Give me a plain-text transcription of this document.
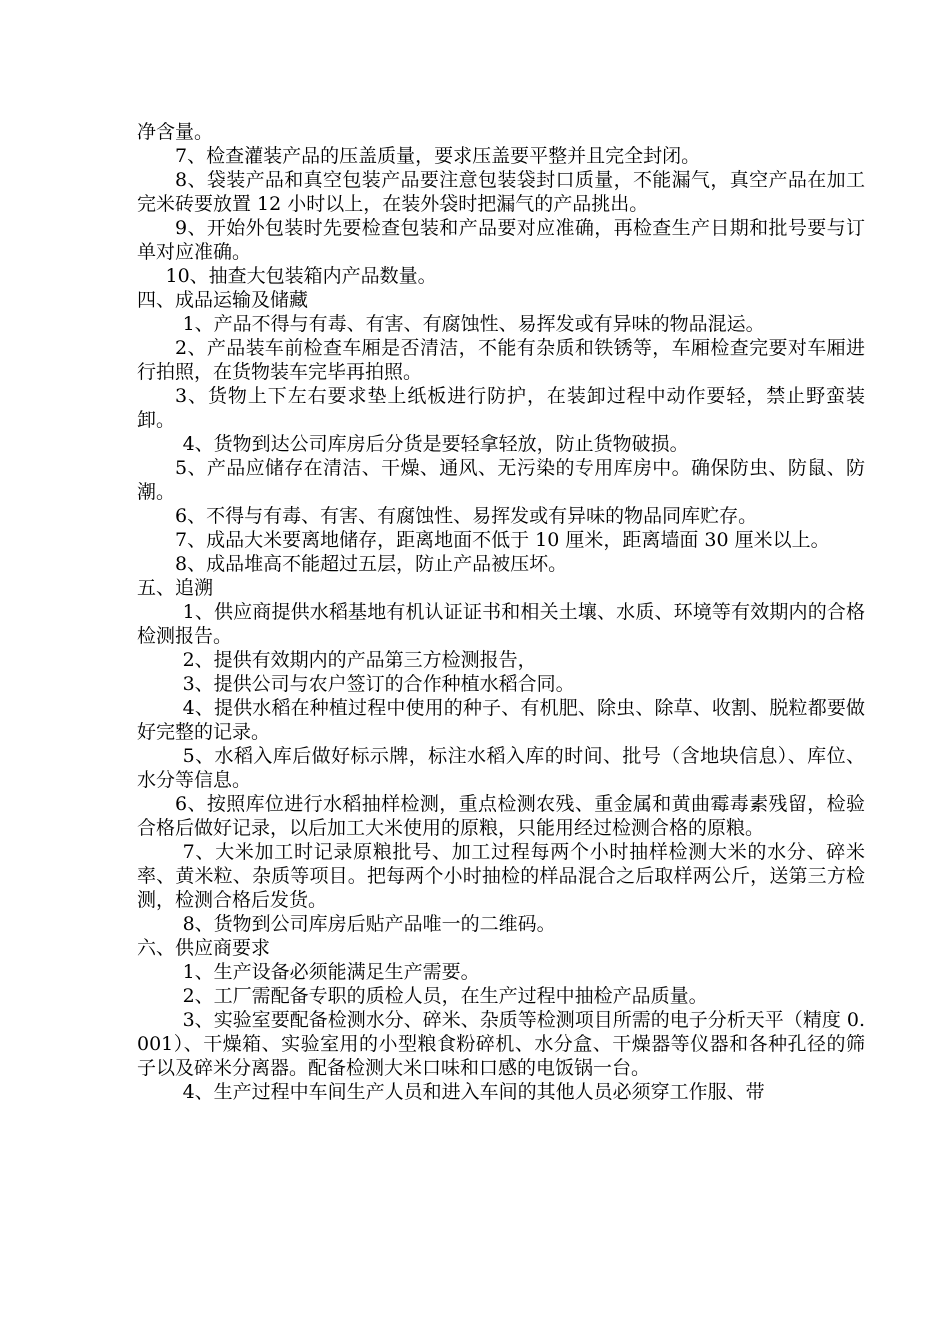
净含量。

7、检查灌装产品的压盖质量，要求压盖要平整并且完全封闭。

8、袋装产品和真空包装产品要注意包装袋封口质量，不能漏气，真空产品在加工完米砖要放置 12 小时以上，在装外袋时把漏气的产品挑出。

9、开始外包装时先要检查包装和产品要对应准确，再检查生产日期和批号要与订单对应准确。

10、抽查大包装箱内产品数量。

四、成品运输及储藏

1、产品不得与有毒、有害、有腐蚀性、易挥发或有异味的物品混运。

2、产品装车前检查车厢是否清洁，不能有杂质和铁锈等，车厢检查完要对车厢进行拍照，在货物装车完毕再拍照。

3、货物上下左右要求垫上纸板进行防护，在装卸过程中动作要轻，禁止野蛮装卸。

4、货物到达公司库房后分货是要轻拿轻放，防止货物破损。

5、产品应储存在清洁、干燥、通风、无污染的专用库房中。确保防虫、防鼠、防潮。

6、不得与有毒、有害、有腐蚀性、易挥发或有异味的物品同库贮存。

7、成品大米要离地储存，距离地面不低于 10 厘米，距离墙面 30 厘米以上。

8、成品堆高不能超过五层，防止产品被压坏。

五、追溯

1、供应商提供水稻基地有机认证证书和相关土壤、水质、环境等有效期内的合格检测报告。

2、提供有效期内的产品第三方检测报告，

3、提供公司与农户签订的合作种植水稻合同。

4、提供水稻在种植过程中使用的种子、有机肥、除虫、除草、收割、脱粒都要做好完整的记录。

5、水稻入库后做好标示牌，标注水稻入库的时间、批号（含地块信息）、库位、水分等信息。

6、按照库位进行水稻抽样检测，重点检测农残、重金属和黄曲霉毒素残留，检验合格后做好记录，以后加工大米使用的原粮，只能用经过检测合格的原粮。

7、大米加工时记录原粮批号、加工过程每两个小时抽样检测大米的水分、碎米率、黄米粒、杂质等项目。把每两个小时抽检的样品混合之后取样两公斤，送第三方检测，检测合格后发货。

8、货物到公司库房后贴产品唯一的二维码。

六、供应商要求

1、生产设备必须能满足生产需要。

2、工厂需配备专职的质检人员，在生产过程中抽检产品质量。

3、实验室要配备检测水分、碎米、杂质等检测项目所需的电子分析天平（精度 0.001）、干燥箱、实验室用的小型粮食粉碎机、水分盒、干燥器等仪器和各种孔径的筛子以及碎米分离器。配备检测大米口味和口感的电饭锅一台。

4、生产过程中车间生产人员和进入车间的其他人员必须穿工作服、带
